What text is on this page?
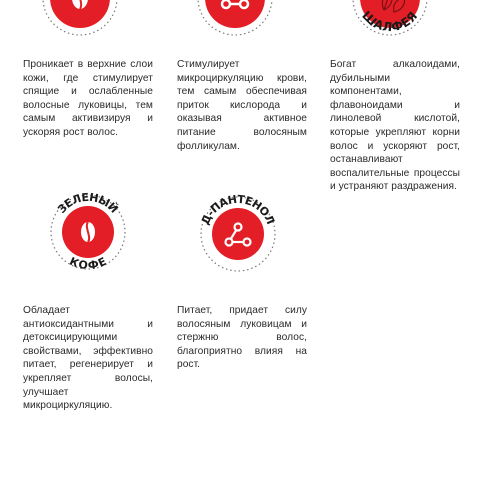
ШАЛФЕЯ
Проникает в верхние слои кожи, где стимулирует спящие и ослабленные волосные луковицы, тем самым активизируя и ускоряя рост волос.
Стимулирует микроциркуляцию крови, тем самым обеспечивая приток кислорода и оказывая активное питание волосяным фолликулам.
Богат алкалоидами, дубильными компонентами, флавоноидами и линолевой кислотой, которые укрепляют корни волос и ускоряют рост, останавливают воспалительные процессы и устраняют раздражения.
ЗЕЛЕНЫЙ
КОФЕ
Д-ПАНТЕНОЛ
Обладает антиоксидантными и детоксицирующими свойствами, эффективно питает, регенерирует и укрепляет волосы, улучшает микроциркуляцию.
Питает, придает силу волосяным луковицам и стержню волос, благоприятно влияя на рост.
